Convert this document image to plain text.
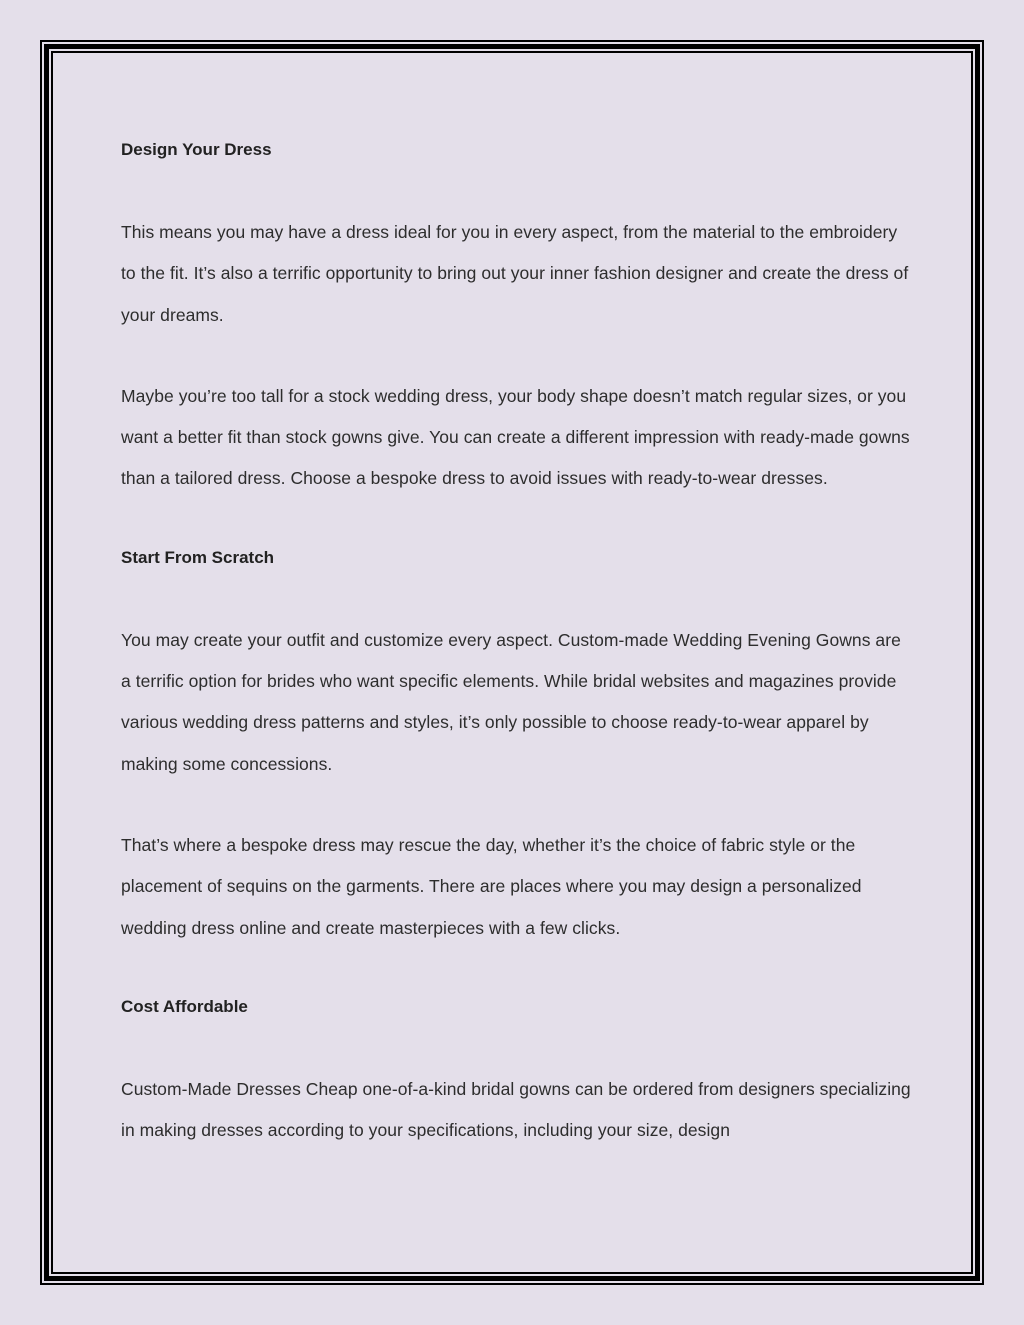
Design Your Dress

This means you may have a dress ideal for you in every aspect, from the material to the embroidery to the fit. It’s also a terrific opportunity to bring out your inner fashion designer and create the dress of your dreams.

Maybe you’re too tall for a stock wedding dress, your body shape doesn’t match regular sizes, or you want a better fit than stock gowns give. You can create a different impression with ready-made gowns than a tailored dress. Choose a bespoke dress to avoid issues with ready-to-wear dresses.

Start From Scratch

You may create your outfit and customize every aspect. Custom-made Wedding Evening Gowns are a terrific option for brides who want specific elements. While bridal websites and magazines provide various wedding dress patterns and styles, it’s only possible to choose ready-to-wear apparel by making some concessions.

That’s where a bespoke dress may rescue the day, whether it’s the choice of fabric style or the placement of sequins on the garments. There are places where you may design a personalized wedding dress online and create masterpieces with a few clicks.

Cost Affordable

Custom-Made Dresses Cheap one-of-a-kind bridal gowns can be ordered from designers specializing in making dresses according to your specifications, including your size, design
